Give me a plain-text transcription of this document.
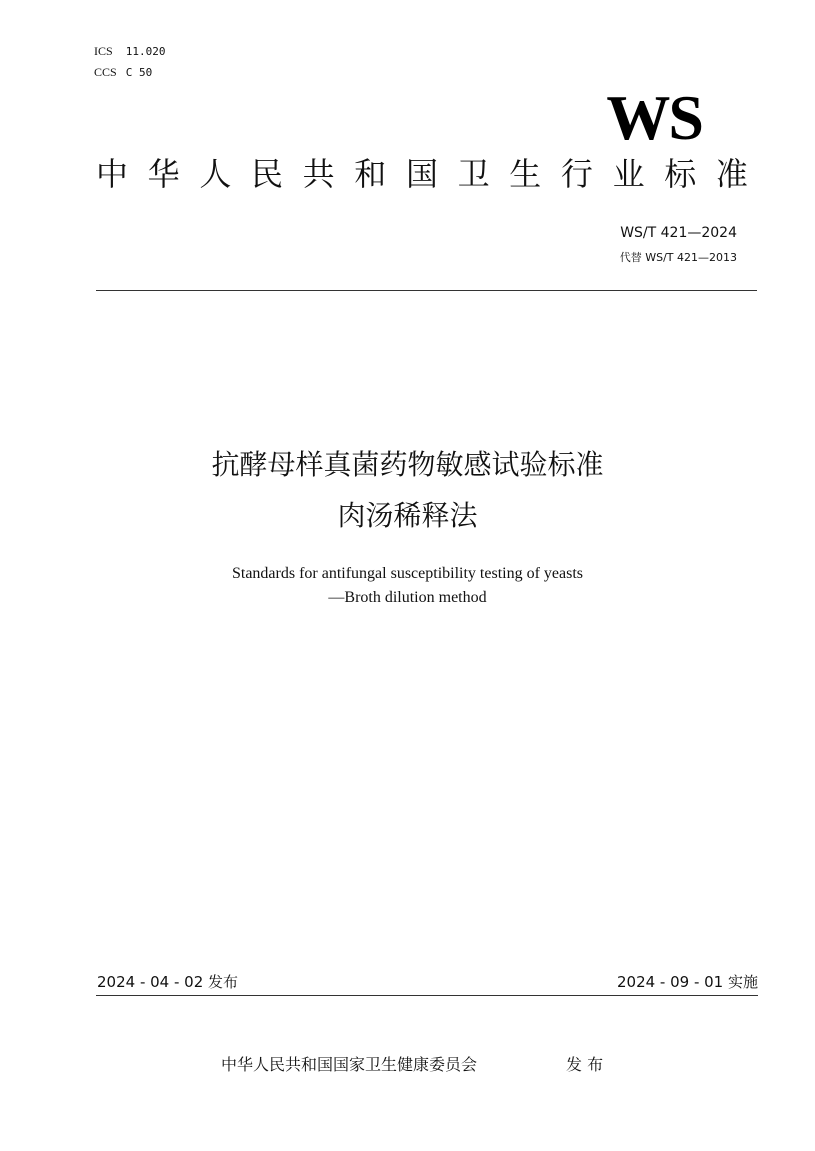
ICS 11.020
CCS C 50
WS
中 华 人 民 共 和 国 卫 生 行 业 标 准
WS/T 421—2024
代替 WS/T 421—2013
抗酵母样真菌药物敏感试验标准
肉汤稀释法
Standards for antifungal susceptibility testing of yeasts
—Broth dilution method
2024 - 04 - 02 发布	2024 - 09 - 01 实施
中华人民共和国国家卫生健康委员会	发 布
